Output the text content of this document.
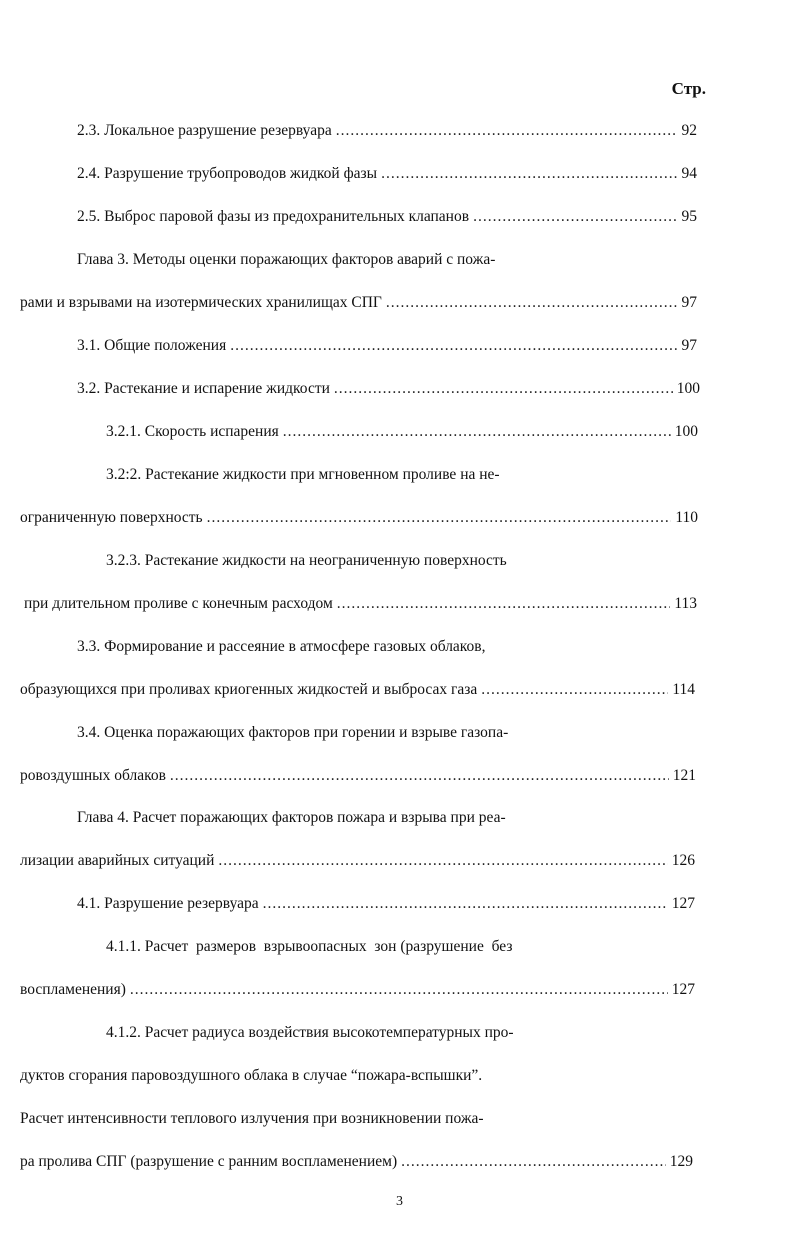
Стр.
2.3. Локальное разрушение резервуара .....	92
2.4. Разрушение трубопроводов жидкой фазы .....	94
2.5. Выброс паровой фазы из предохранительных клапанов .....	95
Глава 3. Методы оценки поражающих факторов аварий с пожа-
рами и взрывами на изотермических хранилищах СПГ .....	97
3.1. Общие положения .....	97
3.2. Растекание и испарение жидкости .....	100
3.2.1. Скорость испарения .....	100
3.2:2. Растекание жидкости при мгновенном проливе на не-
ограниченную поверхность .....	110
3.2.3. Растекание жидкости на неограниченную поверхность
при длительном проливе с конечным расходом .....	113
3.3. Формирование и рассеяние в атмосфере газовых облаков,
образующихся при проливах криогенных жидкостей и выбросах газа .....	114
3.4. Оценка поражающих факторов при горении и взрыве газопа-
ровоздушных облаков .....	121
Глава 4. Расчет поражающих факторов пожара и взрыва при реа-
лизации аварийных ситуаций .....	126
4.1. Разрушение резервуара .....	127
4.1.1. Расчет  размеров  взрывоопасных  зон (разрушение  без
воспламенения) .....	127
4.1.2. Расчет радиуса воздействия высокотемпературных про-
дуктов сгорания паровоздушного облака в случае “пожара-вспышки”.
Расчет интенсивности теплового излучения при возникновении пожа-
ра пролива СПГ (разрушение с ранним воспламенением) .....	129
3
